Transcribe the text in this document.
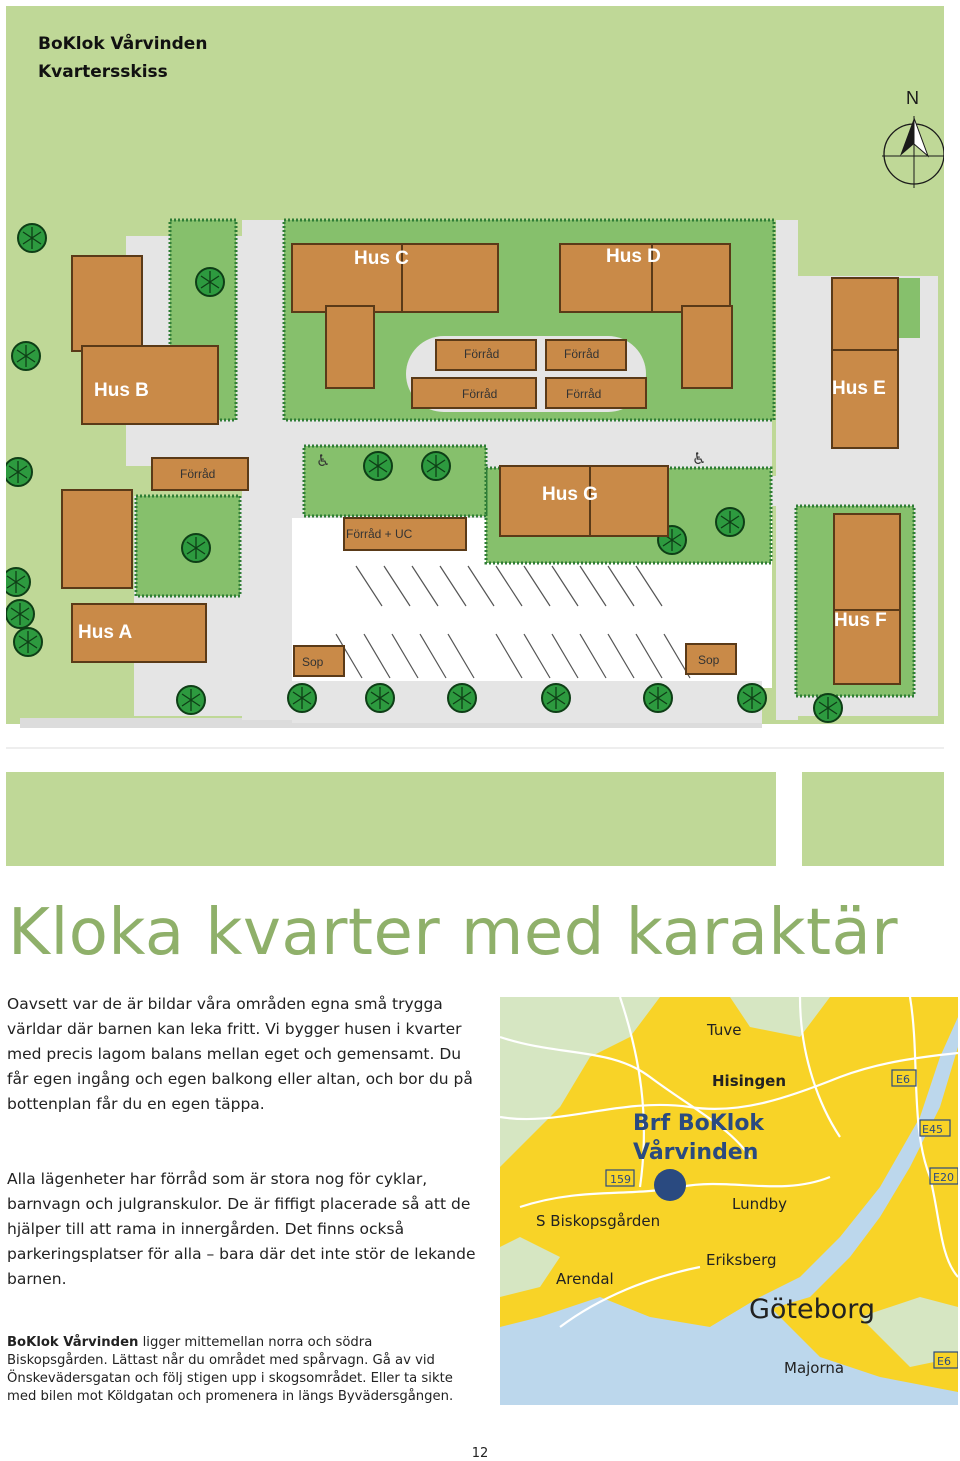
N
Hus C	Hus D
Hus B	Hus E
Hus G
Hus A
Hus F
Förråd	Förråd
Förråd	Förråd
Förråd
Förråd + UC
Sop	Sop
♿	♿
BoKlok Vårvinden
Kvartersskiss
Kloka kvarter med karaktär

Oavsett var de är bildar våra områden egna små trygga världar där barnen kan leka fritt. Vi bygger husen i kvarter med precis lagom balans mellan eget och gemensamt. Du får egen ingång och egen balkong eller altan, och bor du på bottenplan får du en egen täppa.

Alla lägenheter har förråd som är stora nog för cyklar, barnvagn och julgranskulor. De är fiffigt placerade så att de hjälper till att rama in innergården. Det finns också parkeringsplatser för alla – bara där det inte stör de lekande barnen.

BoKlok Vårvinden ligger mittemellan norra och södra Biskopsgården. Lättast når du området med spårvagn. Gå av vid Önskevädersgatan och följ stigen upp i skogsområdet. Eller ta sikte med bilen mot Köldgatan och promenera in längs Byvädersgången.
Brf BoKlok
Vårvinden
Tuve
Hisingen
S Biskopsgården
Lundby
Eriksberg
Arendal
Göteborg
Majorna
159
E6
E45
E20
E6
12
